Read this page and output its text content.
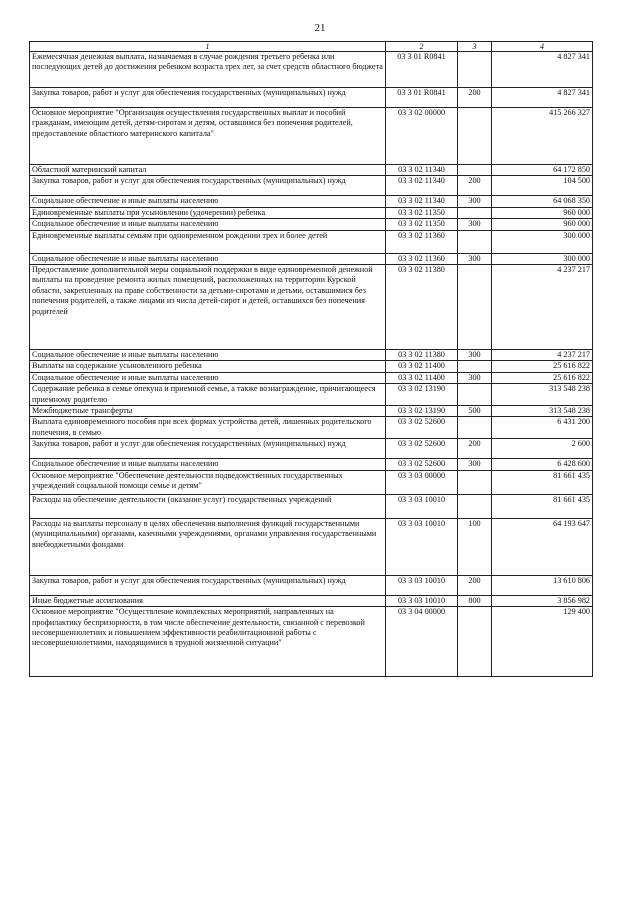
21
1	2	3	4
Ежемесячная денежная выплата, назначаемая в случае рождения третьего ребенка или последующих детей до достижения ребенком возраста трех лет, за счет средств областного бюджета	03 3 01 R0841		4 827 341
Закупка товаров, работ и услуг для обеспечения государственных (муниципальных) нужд	03 3 01 R0841	200	4 827 341
Основное мероприятие "Организация осуществления государственных выплат и пособий гражданам, имеющим детей, детям-сиротам и детям, оставшимся без попечения родителей, предоставление областного материнского капитала"	03 3 02 00000		415 266 327
Областной материнский капитал	03 3 02 11340		64 172 850
Закупка товаров, работ и услуг для обеспечения государственных (муниципальных) нужд	03 3 02 11340	200	104 500
Социальное обеспечение и иные выплаты населению	03 3 02 11340	300	64 068 350
Единовременные выплаты при усыновлении (удочерении) ребенка	03 3 02 11350		960 000
Социальное обеспечение и иные выплаты населению	03 3 02 11350	300	960 000
Единовременные выплаты семьям при одновременном рождении трех и более детей	03 3 02 11360		300 000
Социальное обеспечение и иные выплаты населению	03 3 02 11360	300	300 000
Предоставление дополнительной меры социальной поддержки в виде единовременной денежной выплаты на проведение ремонта жилых помещений, расположенных на территории Курской области, закрепленных на праве собственности за детьми-сиротами и детьми, оставшимися без попечения родителей, а также лицами из числа детей-сирот и детей, оставшихся без попечения родителей	03 3 02 11380		4 237 217
Социальное обеспечение и иные выплаты населению	03 3 02 11380	300	4 237 217
Выплаты на содержание усыновленного ребенка	03 3 02 11400		25 616 822
Социальное обеспечение и иные выплаты населению	03 3 02 11400	300	25 616 822
Содержание ребенка в семье опекуна и приемной семье, а также вознаграждение, причитающееся приемному родителю	03 3 02 13190		313 548 238
Межбюджетные трансферты	03 3 02 13190	500	313 548 238
Выплата единовременного пособия при всех формах устройства детей, лишенных родительского попечения, в семью	03 3 02 52600		6 431 200
Закупка товаров, работ и услуг для обеспечения государственных (муниципальных) нужд	03 3 02 52600	200	2 600
Социальное обеспечение и иные выплаты населению	03 3 02 52600	300	6 428 600
Основное мероприятие "Обеспечение деятельности подведомственных государственных учреждений социальной помощи семье и детям"	03 3 03 00000		81 661 435
Расходы на обеспечение деятельности (оказание услуг) государственных учреждений	03 3 03 10010		81 661 435
Расходы на выплаты персоналу в целях обеспечения выполнения функций государственными (муниципальными) органами, казенными учреждениями, органами управления государственными внебюджетными фондами	03 3 03 10010	100	64 193 647
Закупка товаров, работ и услуг для обеспечения государственных (муниципальных) нужд	03 3 03 10010	200	13 610 806
Иные бюджетные ассигнования	03 3 03 10010	800	3 856 982
Основное мероприятие "Осуществление комплексных мероприятий, направленных на профилактику беспризорности, в том числе обеспечение деятельности, связанной с перевозкой несовершеннолетних и повышением эффективности реабилитационной работы с несовершеннолетними, находящимися в трудной жизненной ситуации"	03 3 04 00000		129 400
